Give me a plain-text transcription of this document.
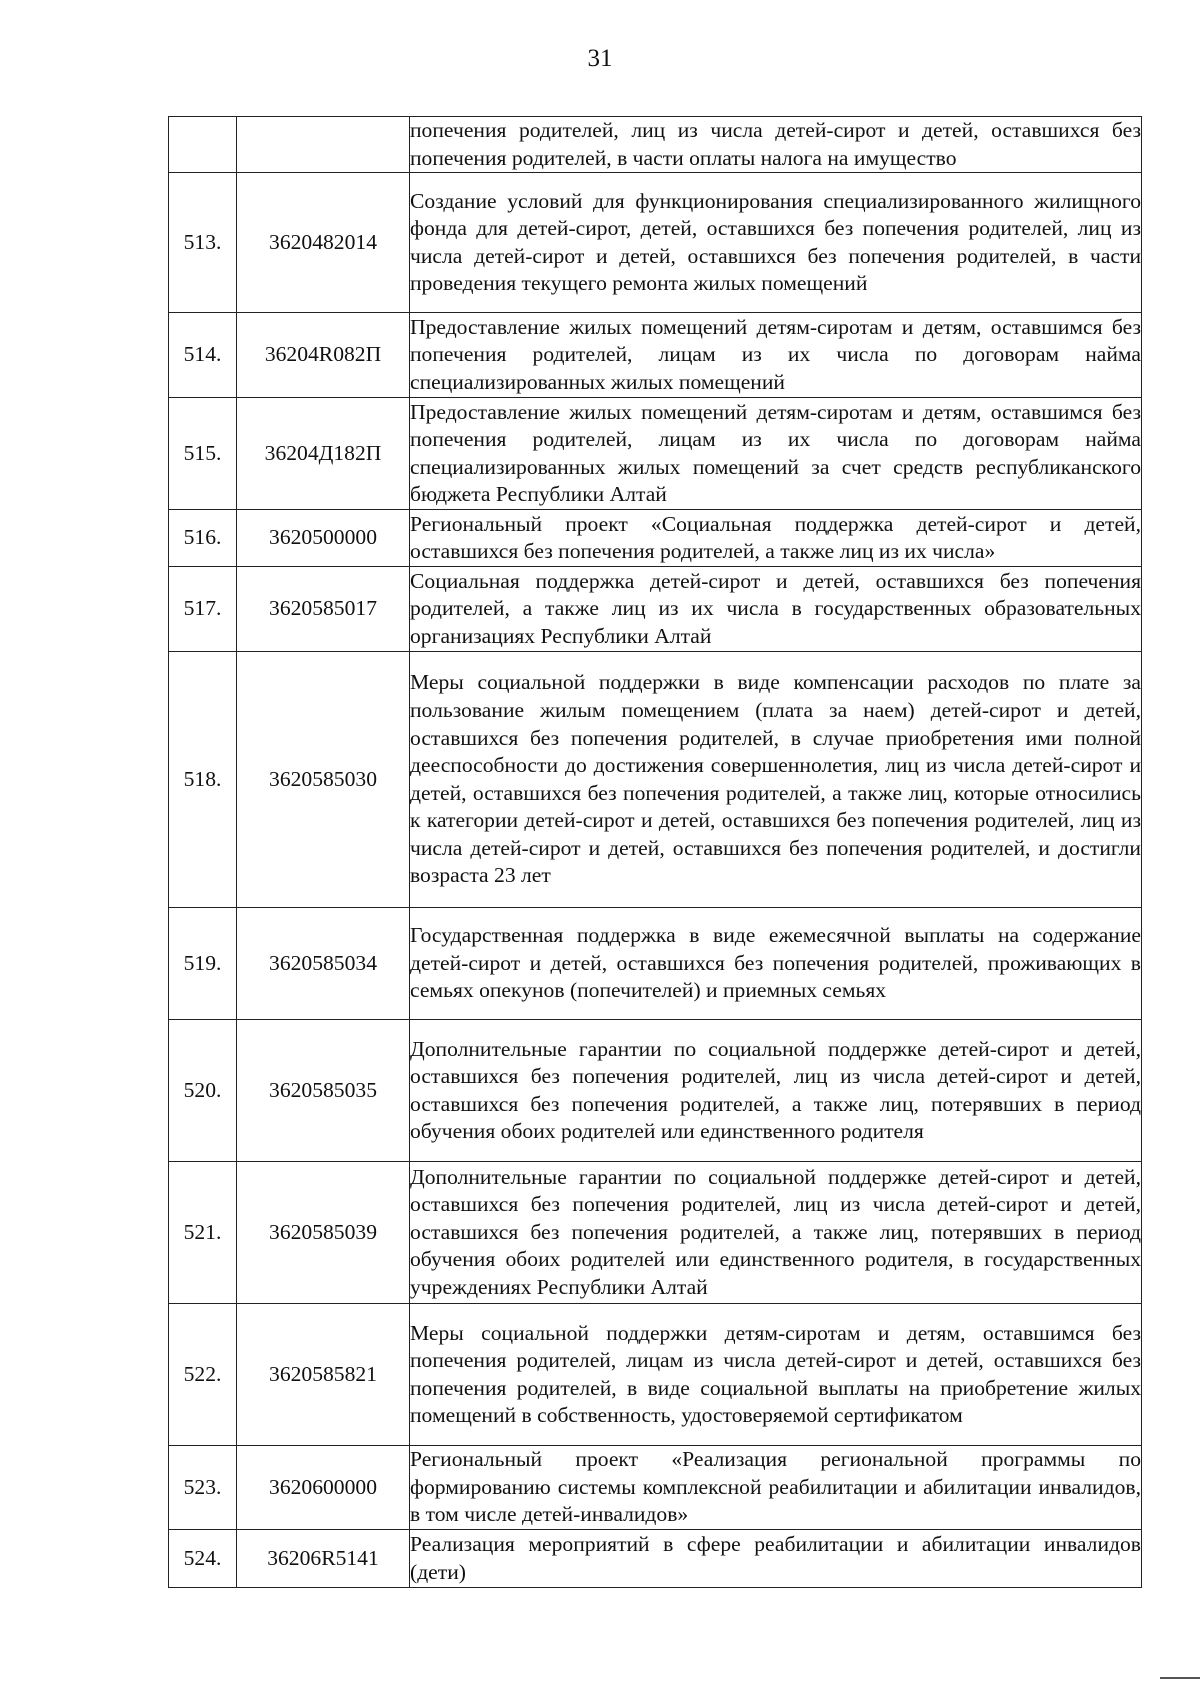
31

		попечения родителей, лиц из числа детей-сирот и детей, оставшихся без попечения родителей, в части оплаты налога на имущество

513.	3620482014	Создание условий для функционирования специализированного жилищного фонда для детей-сирот, детей, оставшихся без попечения родителей, лиц из числа детей-сирот и детей, оставшихся без попечения родителей, в части проведения текущего ремонта жилых помещений

514.	36204R082П	Предоставление жилых помещений детям-сиротам и детям, оставшимся без попечения родителей, лицам из их числа по договорам найма специализированных жилых помещений

515.	36204Д182П	Предоставление жилых помещений детям-сиротам и детям, оставшимся без попечения родителей, лицам из их числа по договорам найма специализированных жилых помещений за счет средств республиканского бюджета Республики Алтай

516.	3620500000	Региональный проект «Социальная поддержка детей-сирот и детей, оставшихся без попечения родителей, а также лиц из их числа»

517.	3620585017	Социальная поддержка детей-сирот и детей, оставшихся без попечения родителей, а также лиц из их числа в государственных образовательных организациях Республики Алтай

518.	3620585030	Меры социальной поддержки в виде компенсации расходов по плате за пользование жилым помещением (плата за наем) детей-сирот и детей, оставшихся без попечения родителей, в случае приобретения ими полной дееспособности до достижения совершеннолетия, лиц из числа детей-сирот и детей, оставшихся без попечения родителей, а также лиц, которые относились к категории детей-сирот и детей, оставшихся без попечения родителей, лиц из числа детей-сирот и детей, оставшихся без попечения родителей, и достигли возраста 23 лет

519.	3620585034	Государственная поддержка в виде ежемесячной выплаты на содержание детей-сирот и детей, оставшихся без попечения родителей, проживающих в семьях опекунов (попечителей) и приемных семьях

520.	3620585035	Дополнительные гарантии по социальной поддержке детей-сирот и детей, оставшихся без попечения родителей, лиц из числа детей-сирот и детей, оставшихся без попечения родителей, а также лиц, потерявших в период обучения обоих родителей или единственного родителя

521.	3620585039	Дополнительные гарантии по социальной поддержке детей-сирот и детей, оставшихся без попечения родителей, лиц из числа детей-сирот и детей, оставшихся без попечения родителей, а также лиц, потерявших в период обучения обоих родителей или единственного родителя, в государственных учреждениях Республики Алтай

522.	3620585821	Меры социальной поддержки детям-сиротам и детям, оставшимся без попечения родителей, лицам из числа детей-сирот и детей, оставшихся без попечения родителей, в виде социальной выплаты на приобретение жилых помещений в собственность, удостоверяемой сертификатом

523.	3620600000	Региональный проект «Реализация региональной программы по формированию системы комплексной реабилитации и абилитации инвалидов, в том числе детей-инвалидов»

524.	36206R5141	Реализация мероприятий в сфере реабилитации и абилитации инвалидов (дети)
